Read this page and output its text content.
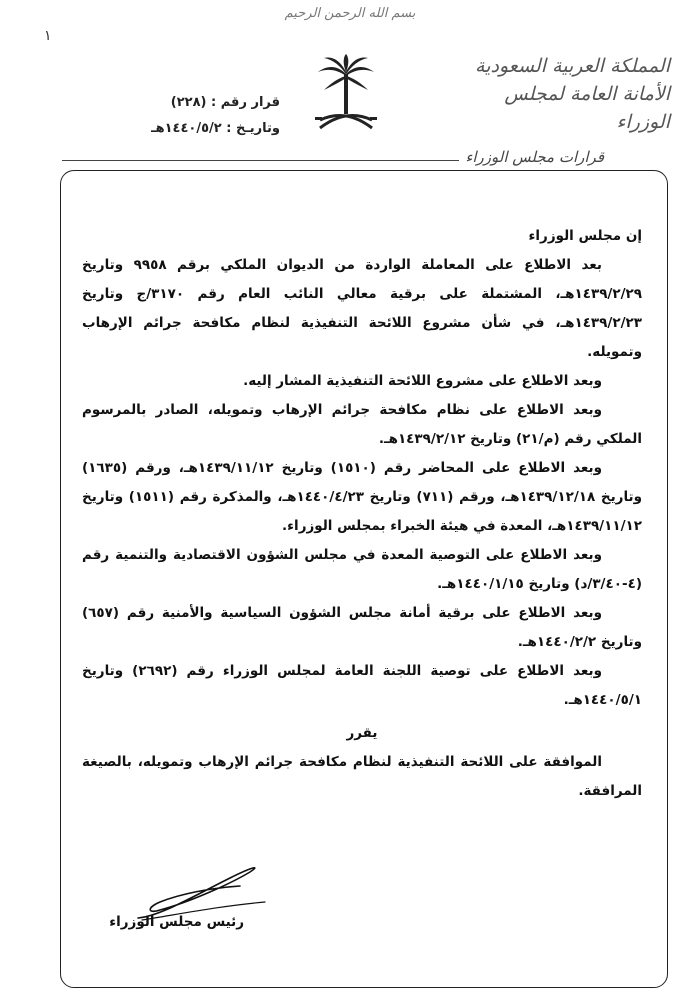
بسم الله الرحمن الرحيم
١
المملكة العربية السعودية
الأمانة العامة لمجلس الوزراء
قرار رقم : (٢٢٨)
وتاريـخ : ١٤٤٠/٥/٢هـ
قرارات مجلس الوزراء

إن مجلس الوزراء

بعد الاطلاع على المعاملة الواردة من الديوان الملكي برقم ٩٩٥٨ وتاريخ ١٤٣٩/٢/٢٩هـ، المشتملة على برقية معالي النائب العام رقم ٣١٧٠/ج وتاريخ ١٤٣٩/٢/٢٣هـ، في شأن مشروع اللائحة التنفيذية لنظام مكافحة جرائم الإرهاب وتمويله.

وبعد الاطلاع على مشروع اللائحة التنفيذية المشار إليه.

وبعد الاطلاع على نظام مكافحة جرائم الإرهاب وتمويله، الصادر بالمرسوم الملكي رقم (م/٢١) وتاريخ ١٤٣٩/٢/١٢هـ.

وبعد الاطلاع على المحاضر رقم (١٥١٠) وتاريخ ١٤٣٩/١١/١٢هـ، ورقم (١٦٣٥) وتاريخ ١٤٣٩/١٢/١٨هـ، ورقم (٧١١) وتاريخ ١٤٤٠/٤/٢٣هـ، والمذكرة رقم (١٥١١) وتاريخ ١٤٣٩/١١/١٢هـ، المعدة في هيئة الخبراء بمجلس الوزراء.

وبعد الاطلاع على التوصية المعدة في مجلس الشؤون الاقتصادية والتنمية رقم (٤-٣/٤٠/د) وتاريخ ١٤٤٠/١/١٥هـ.

وبعد الاطلاع على برقية أمانة مجلس الشؤون السياسية والأمنية رقم (٦٥٧) وتاريخ ١٤٤٠/٢/٢هـ.

وبعد الاطلاع على توصية اللجنة العامة لمجلس الوزراء رقم (٢٦٩٢) وتاريخ ١٤٤٠/٥/١هـ.

يقرر

الموافقة على اللائحة التنفيذية لنظام مكافحة جرائم الإرهاب وتمويله، بالصيغة المرافقة.

رئيس مجلس الوزراء
